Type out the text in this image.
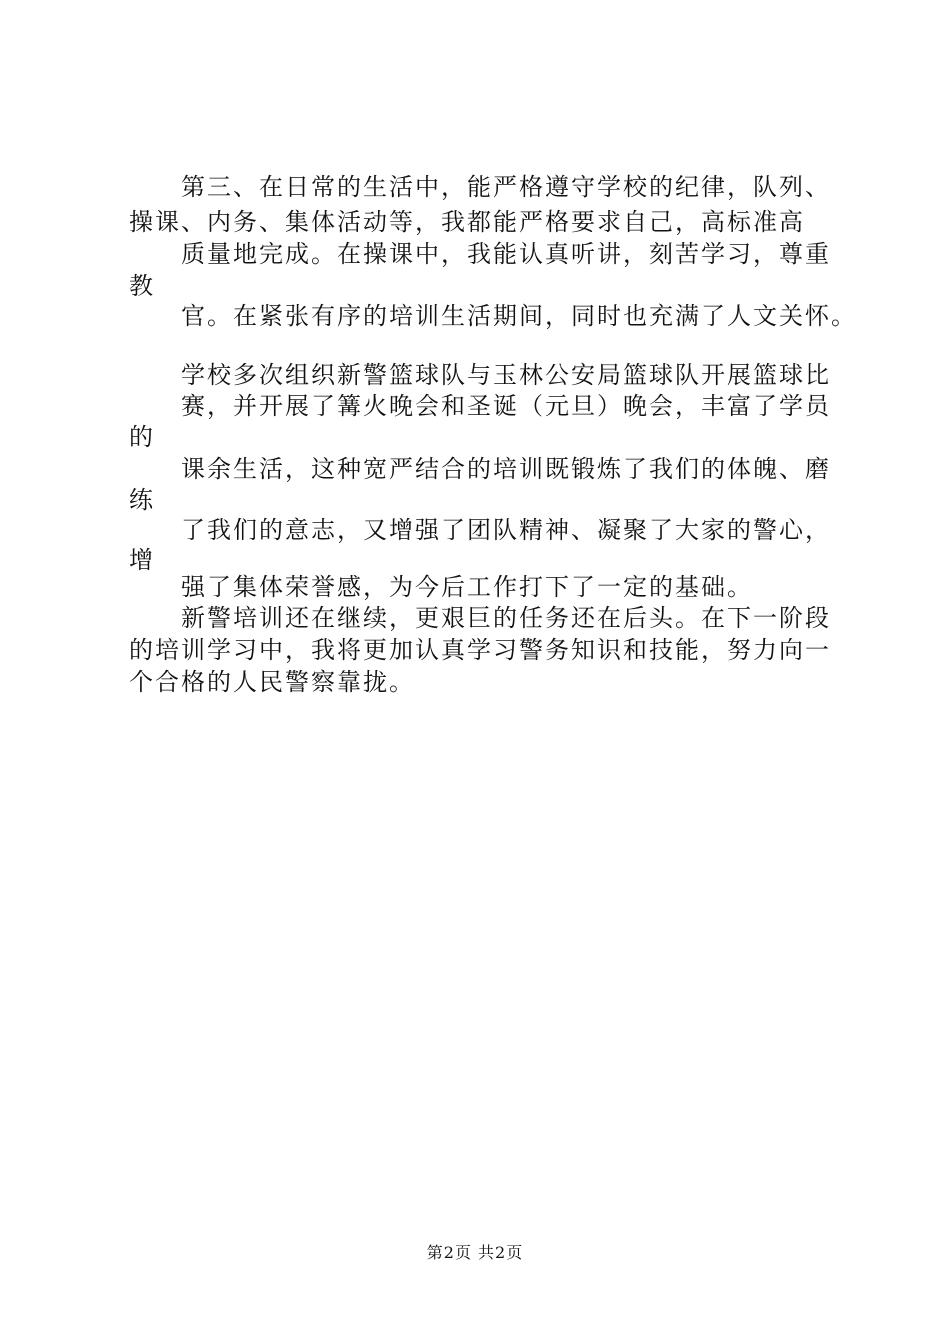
第三、在日常的生活中，能严格遵守学校的纪律，队列、
操课、内务、集体活动等，我都能严格要求自己，高标准高
质量地完成。在操课中，我能认真听讲，刻苦学习，尊重
教
官。在紧张有序的培训生活期间，同时也充满了人文关怀。
学校多次组织新警篮球队与玉林公安局篮球队开展篮球比
赛，并开展了篝火晚会和圣诞（元旦）晚会，丰富了学员
的
课余生活，这种宽严结合的培训既锻炼了我们的体魄、磨
练
了我们的意志，又增强了团队精神、凝聚了大家的警心，
增
强了集体荣誉感，为今后工作打下了一定的基础。
新警培训还在继续，更艰巨的任务还在后头。在下一阶段
的培训学习中，我将更加认真学习警务知识和技能，努力向一
个合格的人民警察靠拢。
第2页 共2页
